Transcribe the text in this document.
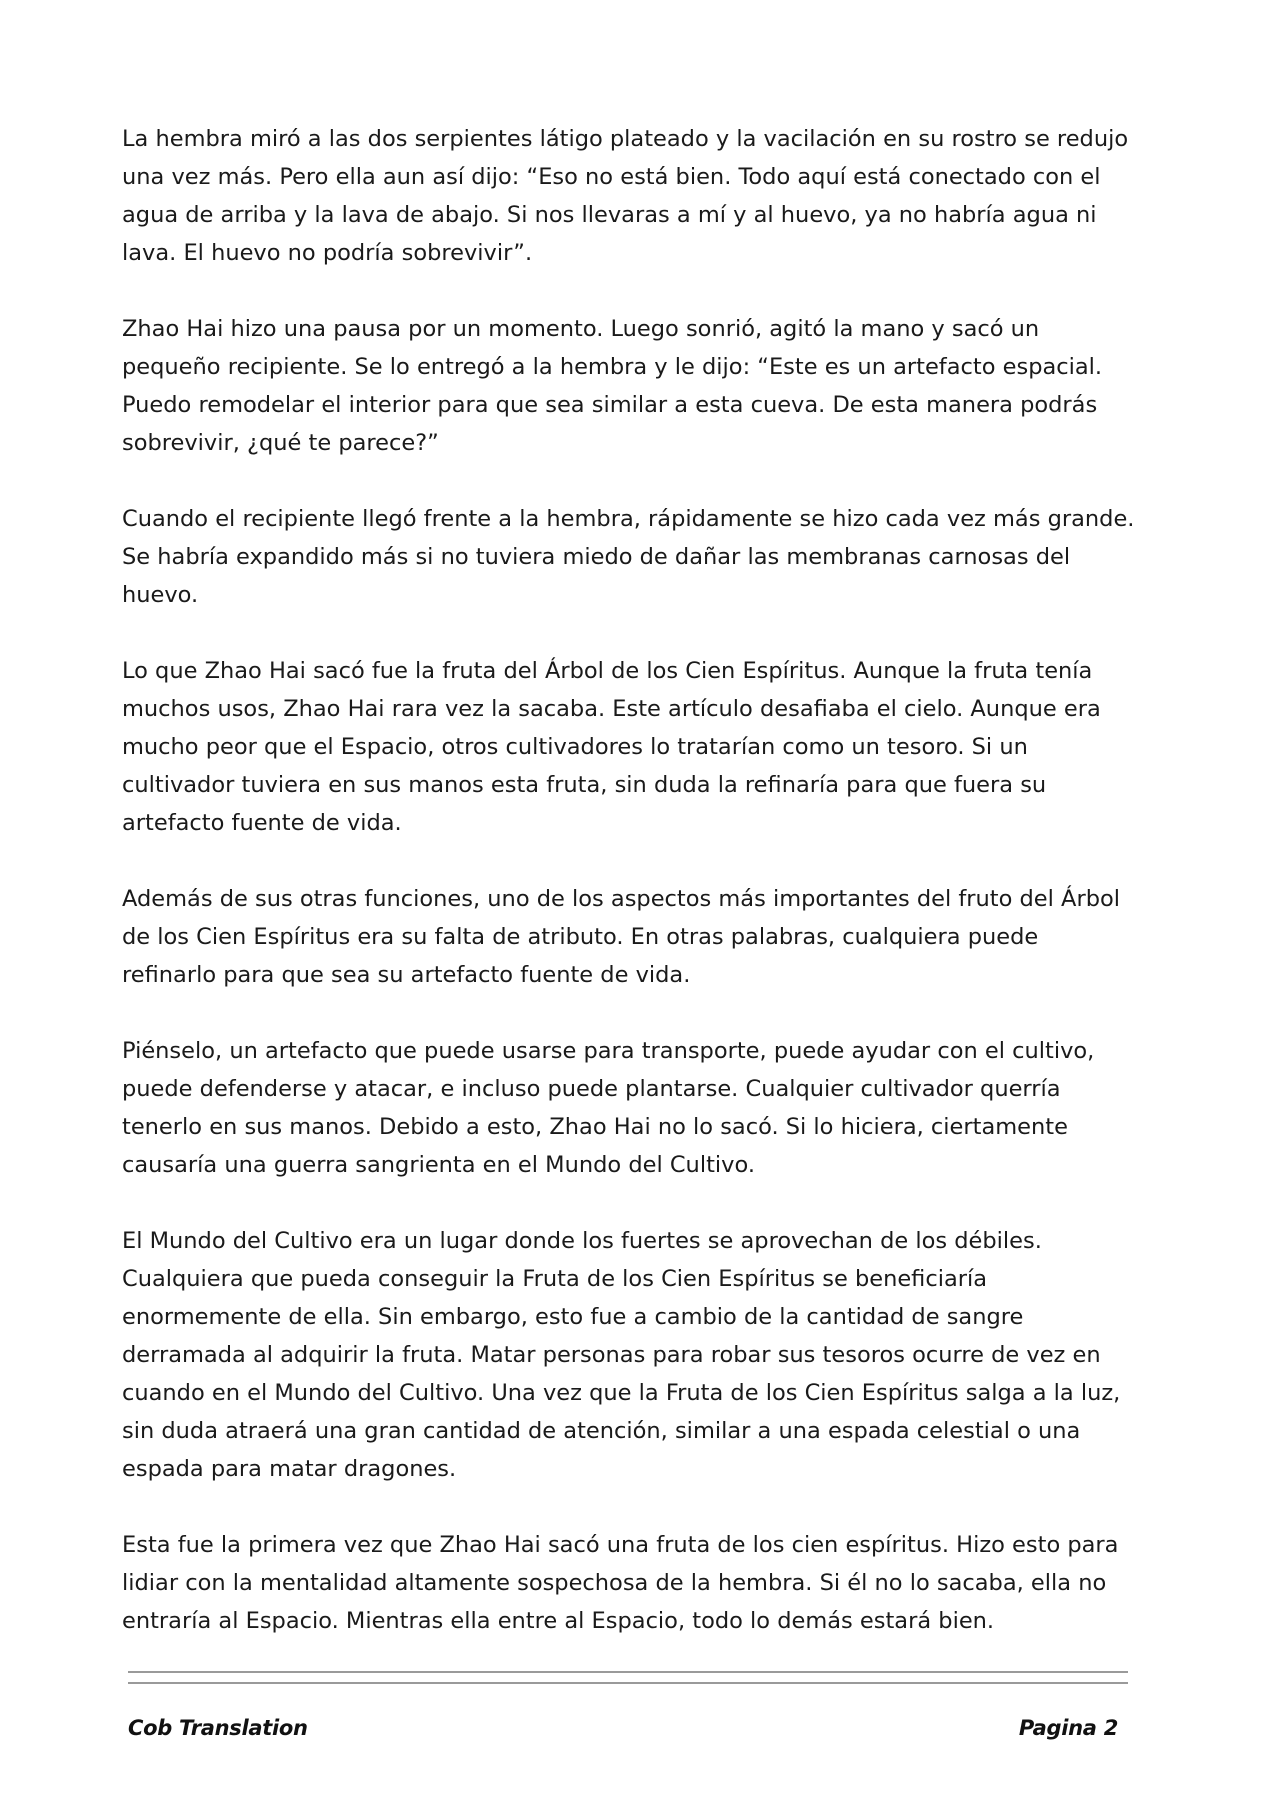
La hembra miró a las dos serpientes látigo plateado y la vacilación en su rostro se redujo una vez más. Pero ella aun así dijo: “Eso no está bien. Todo aquí está conectado con el agua de arriba y la lava de abajo. Si nos llevaras a mí y al huevo, ya no habría agua ni lava. El huevo no podría sobrevivir”.

Zhao Hai hizo una pausa por un momento. Luego sonrió, agitó la mano y sacó un pequeño recipiente. Se lo entregó a la hembra y le dijo: “Este es un artefacto espacial. Puedo remodelar el interior para que sea similar a esta cueva. De esta manera podrás sobrevivir, ¿qué te parece?”

Cuando el recipiente llegó frente a la hembra, rápidamente se hizo cada vez más grande. Se habría expandido más si no tuviera miedo de dañar las membranas carnosas del huevo.

Lo que Zhao Hai sacó fue la fruta del Árbol de los Cien Espíritus. Aunque la fruta tenía muchos usos, Zhao Hai rara vez la sacaba. Este artículo desafiaba el cielo. Aunque era mucho peor que el Espacio, otros cultivadores lo tratarían como un tesoro. Si un cultivador tuviera en sus manos esta fruta, sin duda la refinaría para que fuera su artefacto fuente de vida.

Además de sus otras funciones, uno de los aspectos más importantes del fruto del Árbol de los Cien Espíritus era su falta de atributo. En otras palabras, cualquiera puede refinarlo para que sea su artefacto fuente de vida.

Piénselo, un artefacto que puede usarse para transporte, puede ayudar con el cultivo, puede defenderse y atacar, e incluso puede plantarse. Cualquier cultivador querría tenerlo en sus manos. Debido a esto, Zhao Hai no lo sacó. Si lo hiciera, ciertamente causaría una guerra sangrienta en el Mundo del Cultivo.

El Mundo del Cultivo era un lugar donde los fuertes se aprovechan de los débiles. Cualquiera que pueda conseguir la Fruta de los Cien Espíritus se beneficiaría enormemente de ella. Sin embargo, esto fue a cambio de la cantidad de sangre derramada al adquirir la fruta. Matar personas para robar sus tesoros ocurre de vez en cuando en el Mundo del Cultivo. Una vez que la Fruta de los Cien Espíritus salga a la luz, sin duda atraerá una gran cantidad de atención, similar a una espada celestial o una espada para matar dragones.

Esta fue la primera vez que Zhao Hai sacó una fruta de los cien espíritus. Hizo esto para lidiar con la mentalidad altamente sospechosa de la hembra. Si él no lo sacaba, ella no entraría al Espacio. Mientras ella entre al Espacio, todo lo demás estará bien.

Cob Translation	Pagina 2
